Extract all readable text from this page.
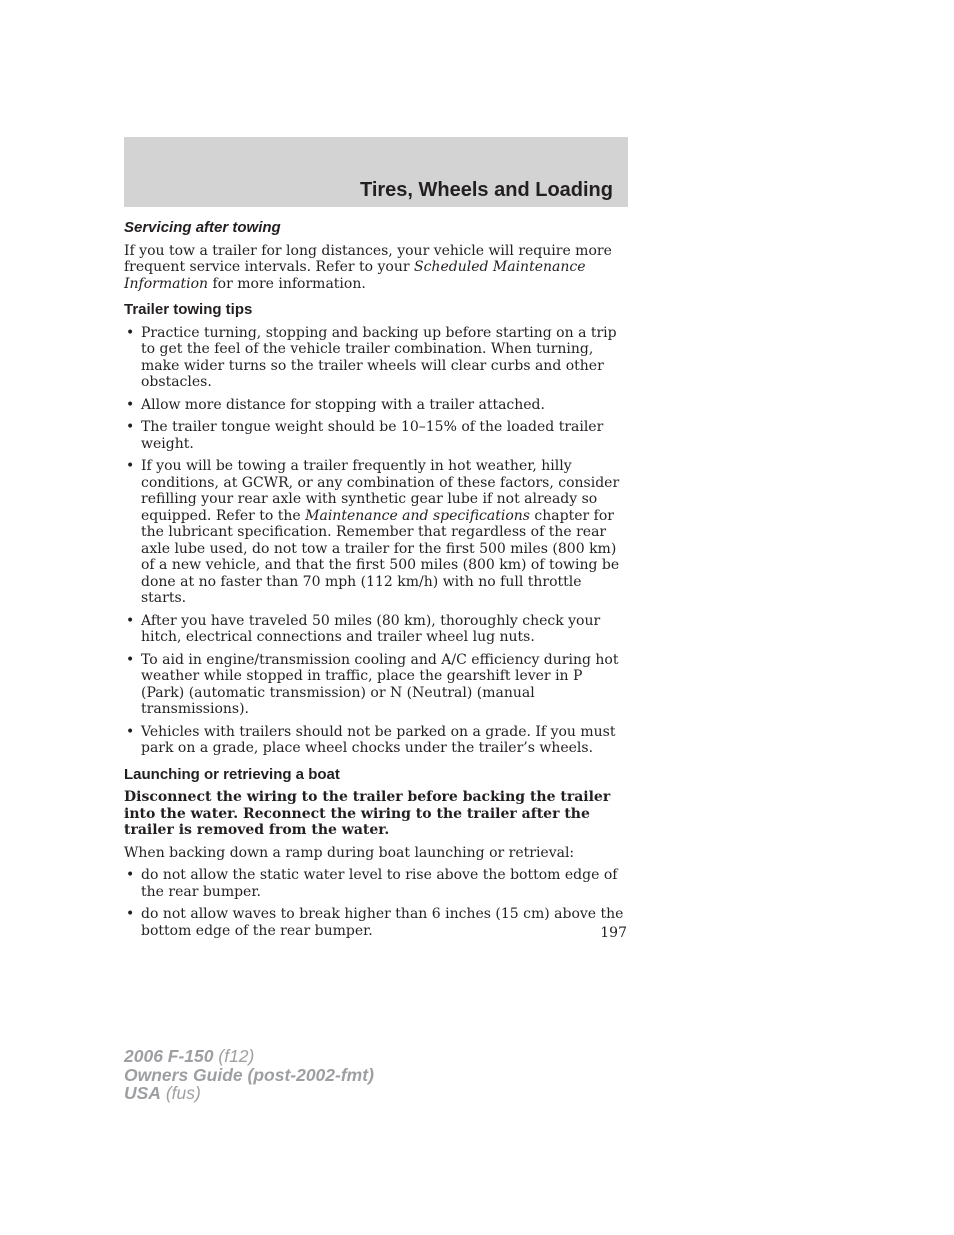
Tires, Wheels and Loading
Servicing after towing

If you tow a trailer for long distances, your vehicle will require more frequent service intervals. Refer to your Scheduled Maintenance Information for more information.

Trailer towing tips
• Practice turning, stopping and backing up before starting on a trip to get the feel of the vehicle trailer combination. When turning, make wider turns so the trailer wheels will clear curbs and other obstacles.
• Allow more distance for stopping with a trailer attached.
• The trailer tongue weight should be 10–15% of the loaded trailer weight.
• If you will be towing a trailer frequently in hot weather, hilly conditions, at GCWR, or any combination of these factors, consider refilling your rear axle with synthetic gear lube if not already so equipped. Refer to the Maintenance and specifications chapter for the lubricant specification. Remember that regardless of the rear axle lube used, do not tow a trailer for the first 500 miles (800 km) of a new vehicle, and that the first 500 miles (800 km) of towing be done at no faster than 70 mph (112 km/h) with no full throttle starts.
• After you have traveled 50 miles (80 km), thoroughly check your hitch, electrical connections and trailer wheel lug nuts.
• To aid in engine/transmission cooling and A/C efficiency during hot weather while stopped in traffic, place the gearshift lever in P (Park) (automatic transmission) or N (Neutral) (manual transmissions).
• Vehicles with trailers should not be parked on a grade. If you must park on a grade, place wheel chocks under the trailer’s wheels.
Launching or retrieving a boat

Disconnect the wiring to the trailer before backing the trailer into the water. Reconnect the wiring to the trailer after the trailer is removed from the water.

When backing down a ramp during boat launching or retrieval:

• do not allow the static water level to rise above the bottom edge of the rear bumper.
• do not allow waves to break higher than 6 inches (15 cm) above the bottom edge of the rear bumper.	197
2006 F-150 (f12)
Owners Guide (post-2002-fmt)
USA (fus)
